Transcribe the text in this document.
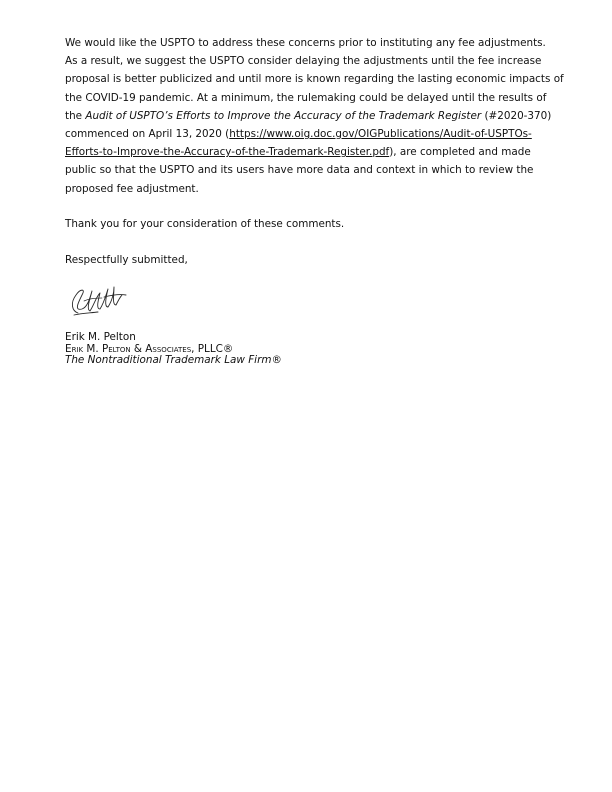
We would like the USPTO to address these concerns prior to instituting any fee adjustments.
As a result, we suggest the USPTO consider delaying the adjustments until the fee increase
proposal is better publicized and until more is known regarding the lasting economic impacts of
the COVID-19 pandemic. At a minimum, the rulemaking could be delayed until the results of
the Audit of USPTO’s Efforts to Improve the Accuracy of the Trademark Register (#2020-370)
commenced on April 13, 2020 (https://www.oig.doc.gov/OIGPublications/Audit-of-USPTOs-
Efforts-to-Improve-the-Accuracy-of-the-Trademark-Register.pdf), are completed and made
public so that the USPTO and its users have more data and context in which to review the
proposed fee adjustment.
Thank you for your consideration of these comments.
Respectfully submitted,
Erik M. Pelton
Erik M. Pelton & Associates, PLLC®
The Nontraditional Trademark Law Firm®
